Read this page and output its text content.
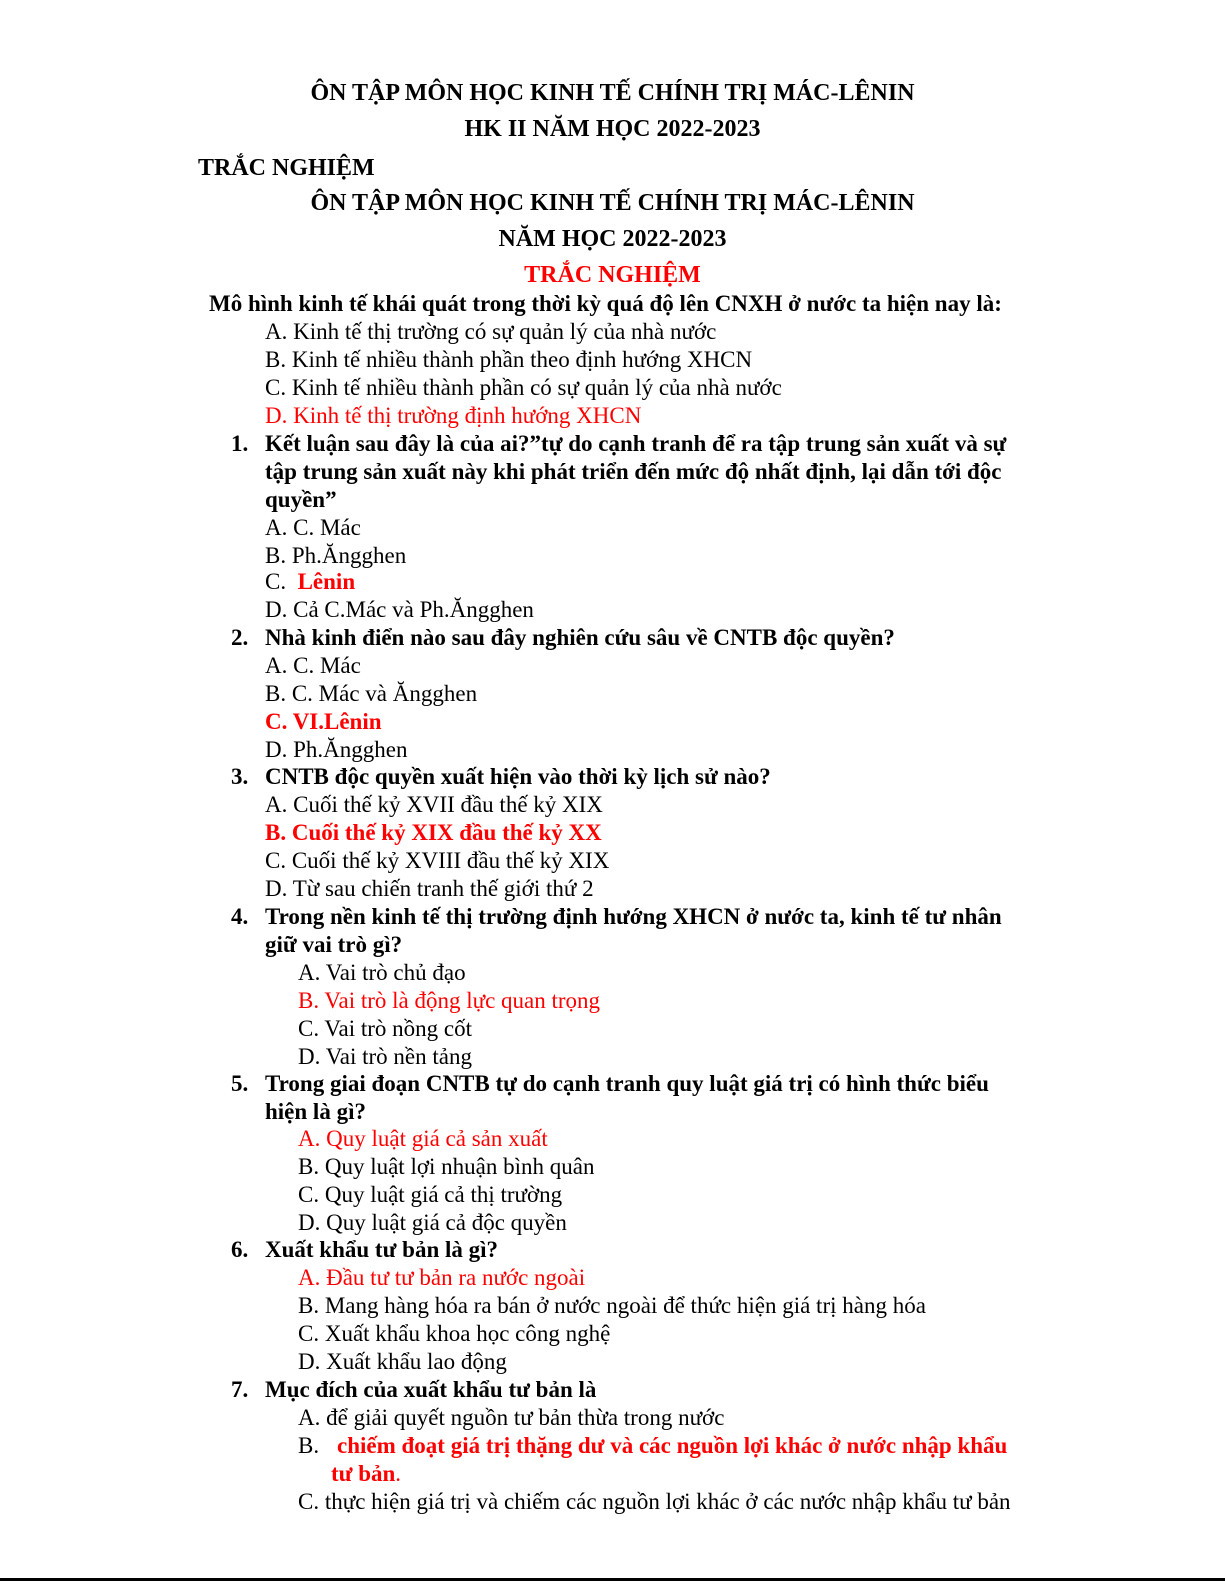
ÔN TẬP MÔN HỌC KINH TẾ CHÍNH TRỊ MÁC-LÊNIN
HK II NĂM HỌC 2022-2023
TRẮC NGHIỆM
ÔN TẬP MÔN HỌC KINH TẾ CHÍNH TRỊ MÁC-LÊNIN
NĂM HỌC 2022-2023
TRẮC NGHIỆM
Mô hình kinh tế khái quát trong thời kỳ quá độ lên CNXH ở nước ta hiện nay là:
A. Kinh tế thị trường có sự quản lý của nhà nước
B. Kinh tế nhiều thành phần theo định hướng XHCN
C. Kinh tế nhiều thành phần có sự quản lý của nhà nước
D. Kinh tế thị trường định hướng XHCN
1. Kết luận sau đây là của ai?”tự do cạnh tranh để ra tập trung sản xuất và sự
tập trung sản xuất này khi phát triển đến mức độ nhất định, lại dẫn tới độc
quyền”
A. C. Mác
B. Ph.Ăngghen
C.  Lênin
D. Cả C.Mác và Ph.Ăngghen
2. Nhà kinh điển nào sau đây nghiên cứu sâu về CNTB độc quyền?
A. C. Mác
B. C. Mác và Ăngghen
C. VI.Lênin
D. Ph.Ăngghen
3. CNTB độc quyền xuất hiện vào thời kỳ lịch sử nào?
A. Cuối thế kỷ XVII đầu thế kỷ XIX
B. Cuối thế kỷ XIX đầu thế kỷ XX
C. Cuối thế kỷ XVIII đầu thế kỷ XIX
D. Từ sau chiến tranh thế giới thứ 2
4. Trong nền kinh tế thị trường định hướng XHCN ở nước ta, kinh tế tư nhân
giữ vai trò gì?
A. Vai trò chủ đạo
B. Vai trò là động lực quan trọng
C. Vai trò nồng cốt
D. Vai trò nền tảng
5. Trong giai đoạn CNTB tự do cạnh tranh quy luật giá trị có hình thức biểu
hiện là gì?
A. Quy luật giá cả sản xuất
B. Quy luật lợi nhuận bình quân
C. Quy luật giá cả thị trường
D. Quy luật giá cả độc quyền
6. Xuất khẩu tư bản là gì?
A. Đầu tư tư bản ra nước ngoài
B. Mang hàng hóa ra bán ở nước ngoài để thức hiện giá trị hàng hóa
C. Xuất khẩu khoa học công nghệ
D. Xuất khẩu lao động
7. Mục đích của xuất khẩu tư bản là
A. để giải quyết nguồn tư bản thừa trong nước
B. chiếm đoạt giá trị thặng dư và các nguồn lợi khác ở nước nhập khẩu
tư bản.
C. thực hiện giá trị và chiếm các nguồn lợi khác ở các nước nhập khẩu tư bản
